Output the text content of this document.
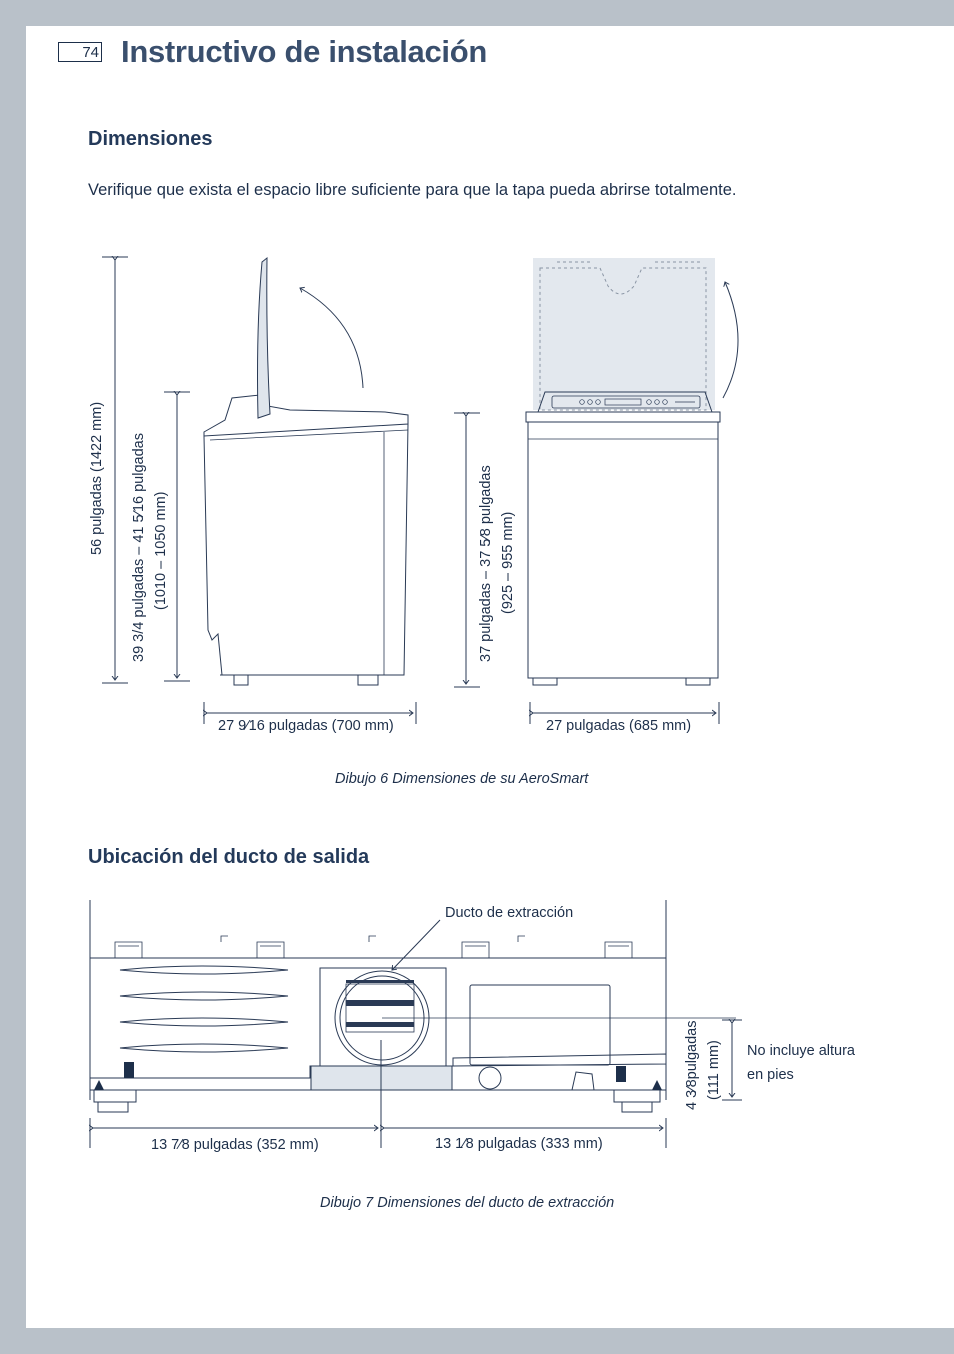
74 Instructivo de instalación
Dimensiones
Verifique que exista el espacio libre suficiente para que la tapa pueda abrirse totalmente.
56 pulgadas (1422 mm) 39 3/4 pulgadas – 41 5⁄16 pulgadas (1010 – 1050 mm)	37 pulgadas – 37 5⁄8 pulgadas (925 – 955 mm)
27 9⁄16 pulgadas (700 mm)	27 pulgadas (685 mm)
Dibujo 6 Dimensiones de su AeroSmart
Ubicación del ducto de salida
Ducto de extracción
4 3⁄8pulgadas (111 mm) No incluye altura
en pies
13 7⁄8 pulgadas (352 mm)	13 1⁄8 pulgadas (333 mm)
Dibujo 7 Dimensiones del ducto de extracción
